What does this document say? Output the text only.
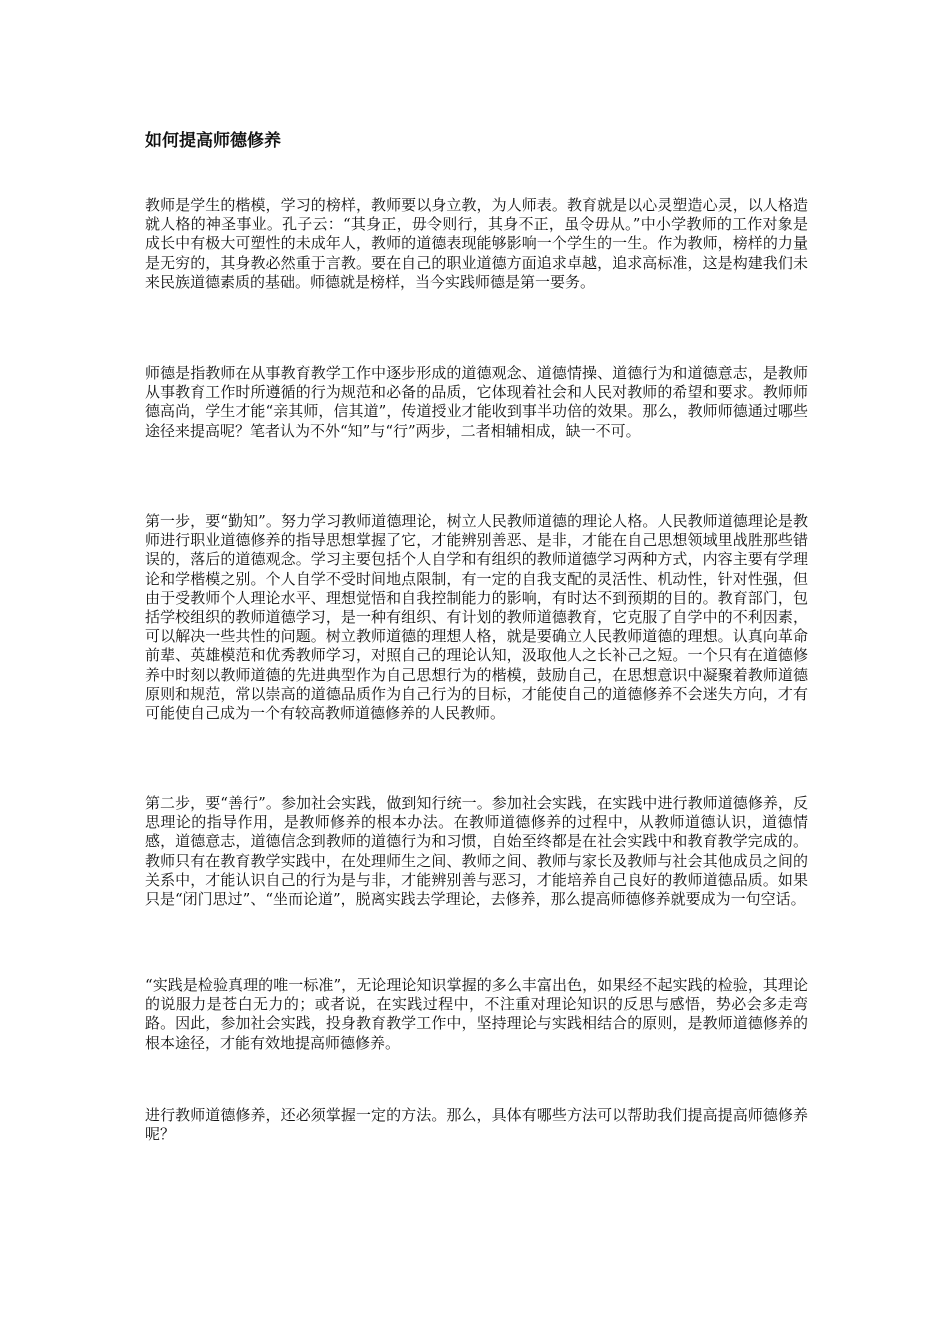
如何提高师德修养

教师是学生的楷模，学习的榜样，教师要以身立教，为人师表。教育就是以心灵塑造心灵，以人格造就人格的神圣事业。孔子云：“其身正，毋令则行，其身不正，虽令毋从。”中小学教师的工作对象是成长中有极大可塑性的未成年人，教师的道德表现能够影响一个学生的一生。作为教师，榜样的力量是无穷的，其身教必然重于言教。要在自己的职业道德方面追求卓越，追求高标准，这是构建我们未来民族道德素质的基础。师德就是榜样，当今实践师德是第一要务。

师德是指教师在从事教育教学工作中逐步形成的道德观念、道德情操、道德行为和道德意志，是教师从事教育工作时所遵循的行为规范和必备的品质，它体现着社会和人民对教师的希望和要求。教师师德高尚，学生才能“亲其师，信其道”，传道授业才能收到事半功倍的效果。那么，教师师德通过哪些途径来提高呢？笔者认为不外“知”与“行”两步，二者相辅相成，缺一不可。

第一步，要“勤知”。努力学习教师道德理论，树立人民教师道德的理论人格。人民教师道德理论是教师进行职业道德修养的指导思想掌握了它，才能辨别善恶、是非，才能在自己思想领域里战胜那些错误的，落后的道德观念。学习主要包括个人自学和有组织的教师道德学习两种方式，内容主要有学理论和学楷模之别。个人自学不受时间地点限制，有一定的自我支配的灵活性、机动性，针对性强，但由于受教师个人理论水平、理想觉悟和自我控制能力的影响，有时达不到预期的目的。教育部门，包括学校组织的教师道德学习，是一种有组织、有计划的教师道德教育，它克服了自学中的不利因素，可以解决一些共性的问题。树立教师道德的理想人格，就是要确立人民教师道德的理想。认真向革命前辈、英雄模范和优秀教师学习，对照自己的理论认知，汲取他人之长补己之短。一个只有在道德修养中时刻以教师道德的先进典型作为自己思想行为的楷模，鼓励自己，在思想意识中凝聚着教师道德原则和规范，常以崇高的道德品质作为自己行为的目标，才能使自己的道德修养不会迷失方向，才有可能使自己成为一个有较高教师道德修养的人民教师。

第二步，要“善行”。参加社会实践，做到知行统一。参加社会实践，在实践中进行教师道德修养，反思理论的指导作用，是教师修养的根本办法。在教师道德修养的过程中，从教师道德认识，道德情感，道德意志，道德信念到教师的道德行为和习惯，自始至终都是在社会实践中和教育教学完成的。教师只有在教育教学实践中，在处理师生之间、教师之间、教师与家长及教师与社会其他成员之间的关系中，才能认识自己的行为是与非，才能辨别善与恶习，才能培养自己良好的教师道德品质。如果只是“闭门思过”、“坐而论道”，脱离实践去学理论，去修养，那么提高师德修养就要成为一句空话。

“实践是检验真理的唯一标准”，无论理论知识掌握的多么丰富出色，如果经不起实践的检验，其理论的说服力是苍白无力的；或者说，在实践过程中，不注重对理论知识的反思与感悟，势必会多走弯路。因此，参加社会实践，投身教育教学工作中，坚持理论与实践相结合的原则，是教师道德修养的根本途径，才能有效地提高师德修养。

进行教师道德修养，还必须掌握一定的方法。那么，具体有哪些方法可以帮助我们提高提高师德修养呢？
